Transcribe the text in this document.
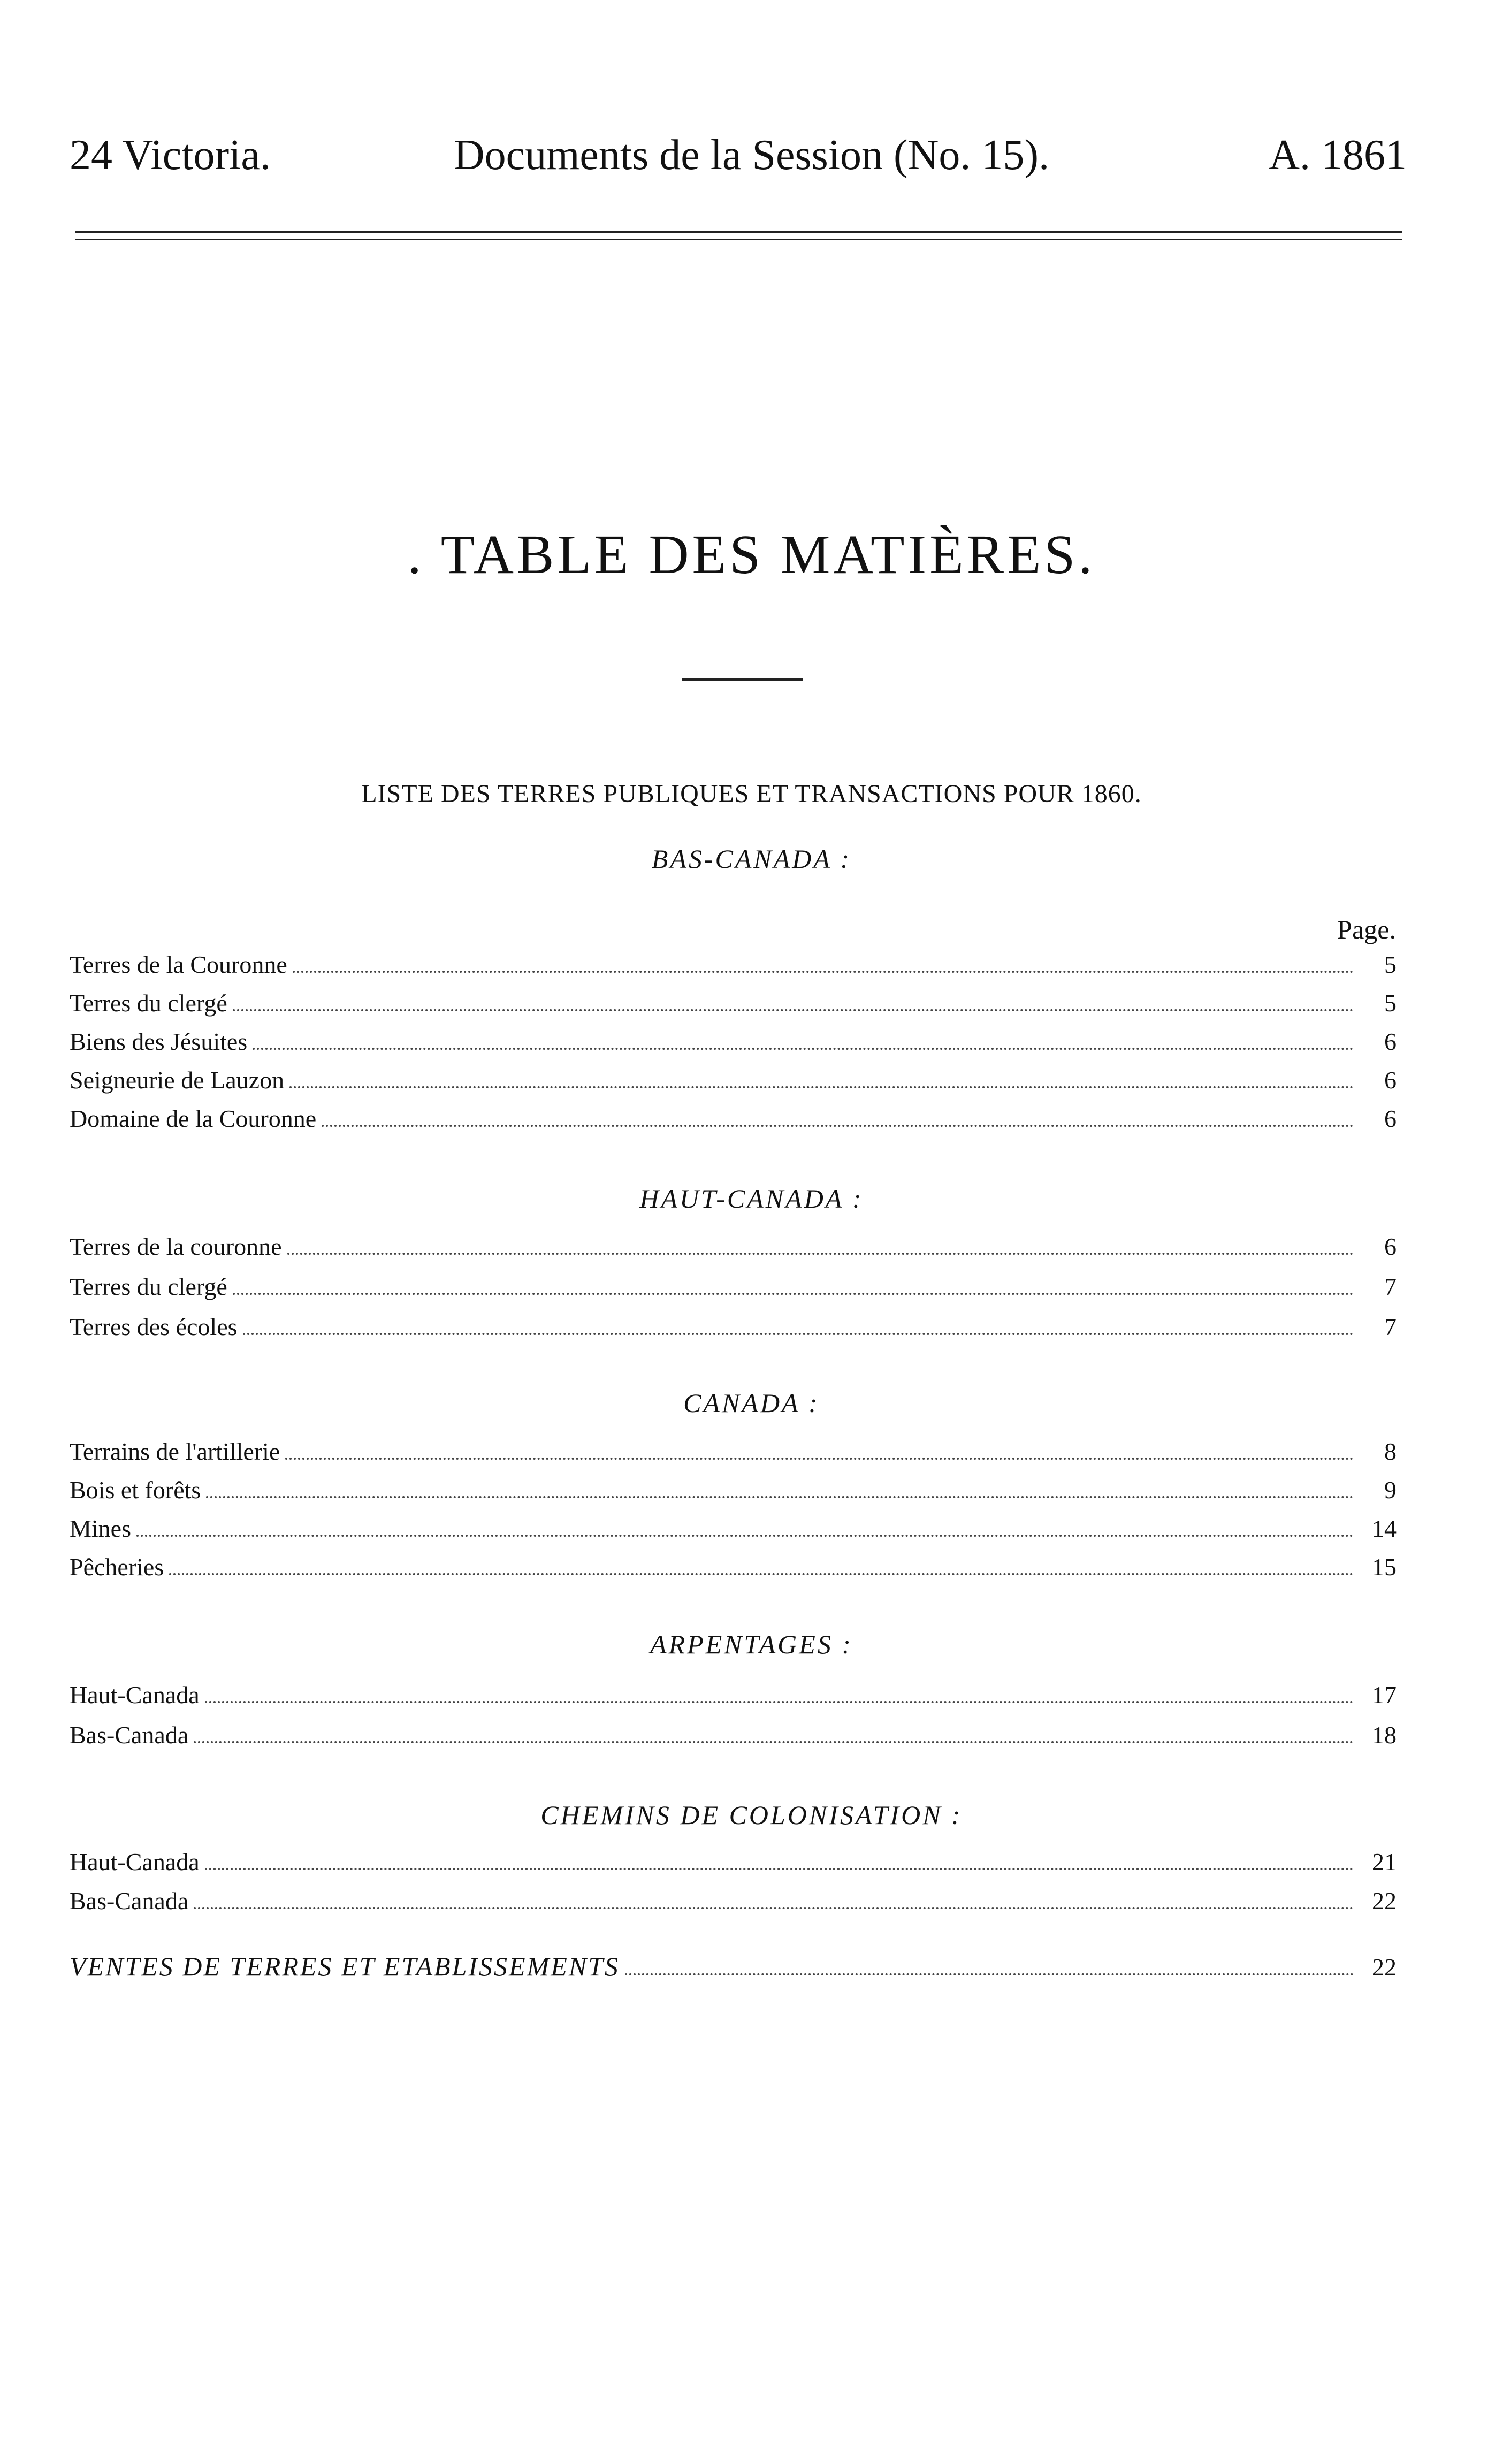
24 Victoria.	Documents de la Session (No. 15).	A. 1861
. TABLE DES MATIÈRES.
LISTE DES TERRES PUBLIQUES ET TRANSACTIONS POUR 1860.
BAS-CANADA :
Page.
Terres de la Couronne	5
Terres du clergé	5
Biens des Jésuites	6
Seigneurie de Lauzon	6
Domaine de la Couronne	6
HAUT-CANADA :
Terres de la couronne	6
Terres du clergé	7
Terres des écoles	7
CANADA :
Terrains de l'artillerie	8
Bois et forêts	9
Mines	14
Pêcheries	15
ARPENTAGES :
Haut-Canada	17
Bas-Canada	18
CHEMINS DE COLONISATION :
Haut-Canada	21
Bas-Canada	22
VENTES DE TERRES ET ETABLISSEMENTS	22
